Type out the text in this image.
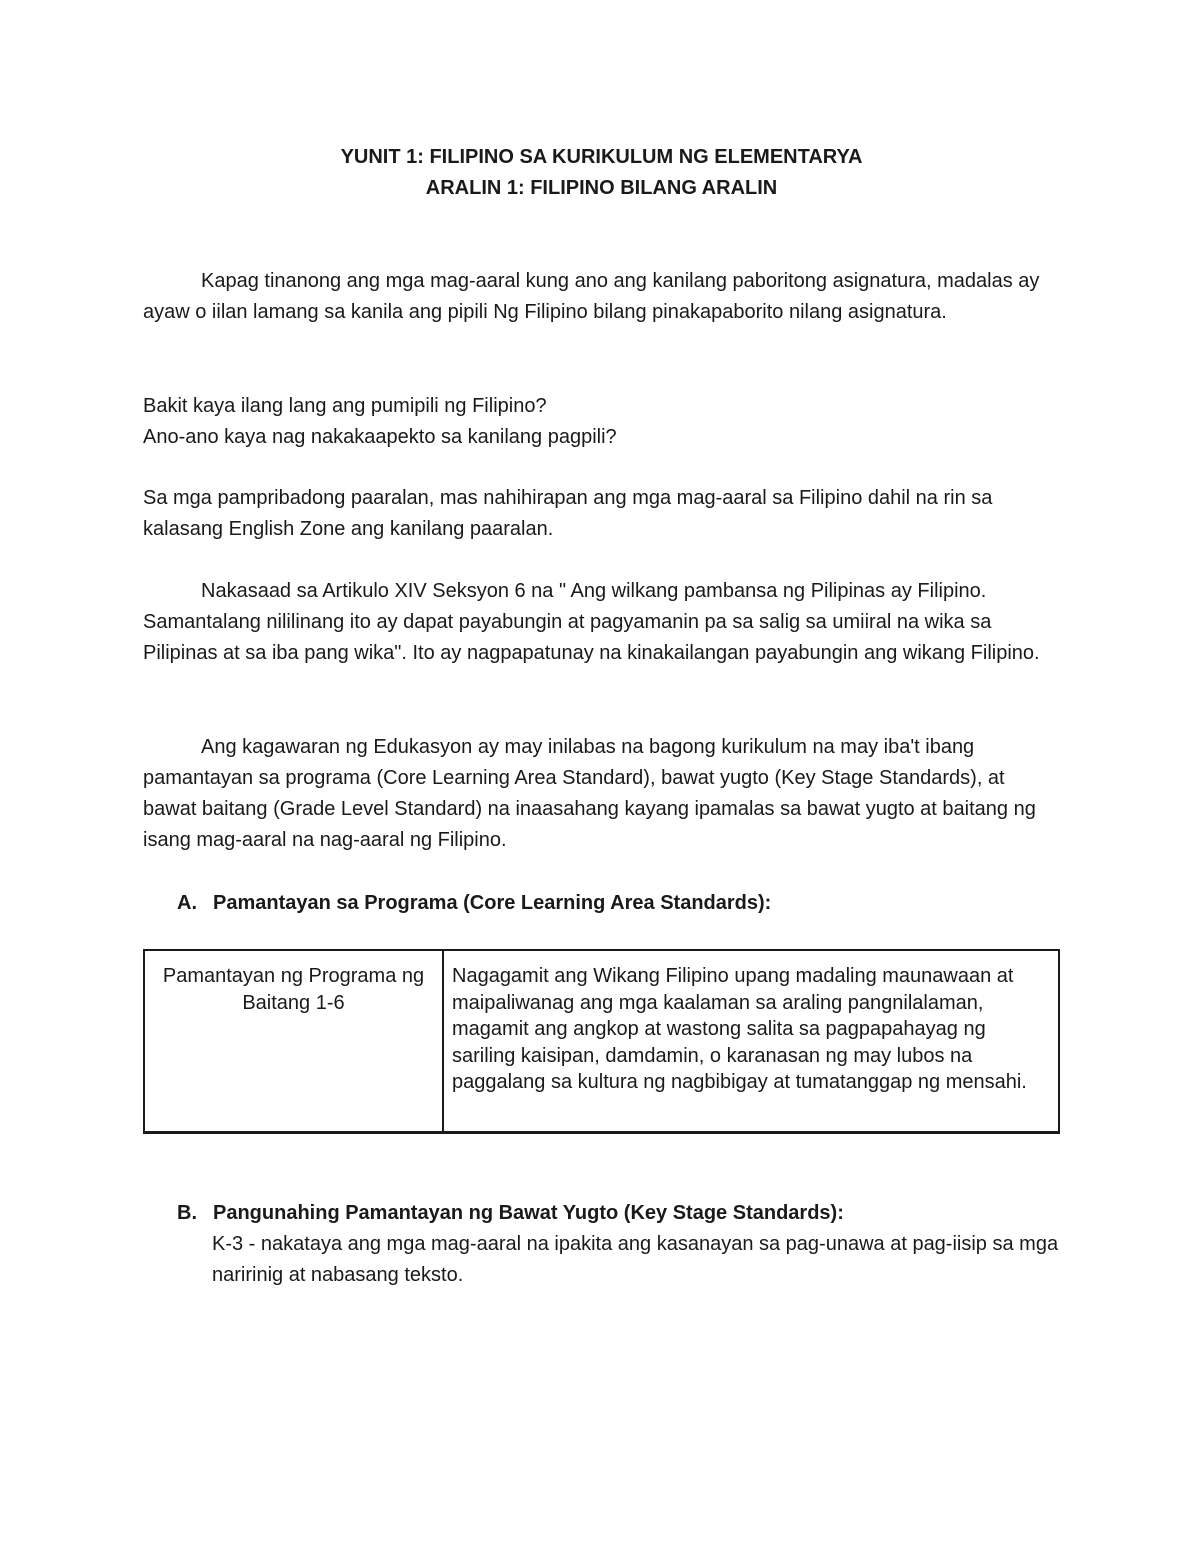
YUNIT 1: FILIPINO SA KURIKULUM NG ELEMENTARYA
ARALIN 1: FILIPINO BILANG ARALIN

Kapag tinanong ang mga mag-aaral kung ano ang kanilang paboritong asignatura, madalas ay ayaw o iilan lamang sa kanila ang pipili Ng Filipino bilang pinakapaborito nilang asignatura.

Bakit kaya ilang lang ang pumipili ng Filipino?

Ano-ano kaya nag nakakaapekto sa kanilang pagpili?

Sa mga pampribadong paaralan, mas nahihirapan ang mga mag-aaral sa Filipino dahil na rin sa kalasang English Zone ang kanilang paaralan.

Nakasaad sa Artikulo XIV Seksyon 6 na " Ang wilkang pambansa ng Pilipinas ay Filipino. Samantalang nililinang ito ay dapat payabungin at pagyamanin pa sa salig sa umiiral na wika sa Pilipinas at sa iba pang wika". Ito ay nagpapatunay na kinakailangan payabungin ang wikang Filipino.

Ang kagawaran ng Edukasyon ay may inilabas na bagong kurikulum na may iba't ibang pamantayan sa programa (Core Learning Area Standard), bawat yugto (Key Stage Standards), at bawat baitang (Grade Level Standard) na inaasahang kayang ipamalas sa bawat yugto at baitang ng isang mag-aaral na nag-aaral ng Filipino.

A. Pamantayan sa Programa (Core Learning Area Standards):
Pamantayan ng Programa ng Baitang 1-6	Nagagamit ang Wikang Filipino upang madaling maunawaan at maipaliwanag ang mga kaalaman sa araling pangnilalaman, magamit ang angkop at wastong salita sa pagpapahayag ng sariling kaisipan, damdamin, o karanasan ng may lubos na paggalang sa kultura ng nagbibigay at tumatanggap ng mensahi.
B. Pangunahing Pamantayan ng Bawat Yugto (Key Stage Standards):

K-3 - nakataya ang mga mag-aaral na ipakita ang kasanayan sa pag-unawa at pag-iisip sa mga naririnig at nabasang teksto.
